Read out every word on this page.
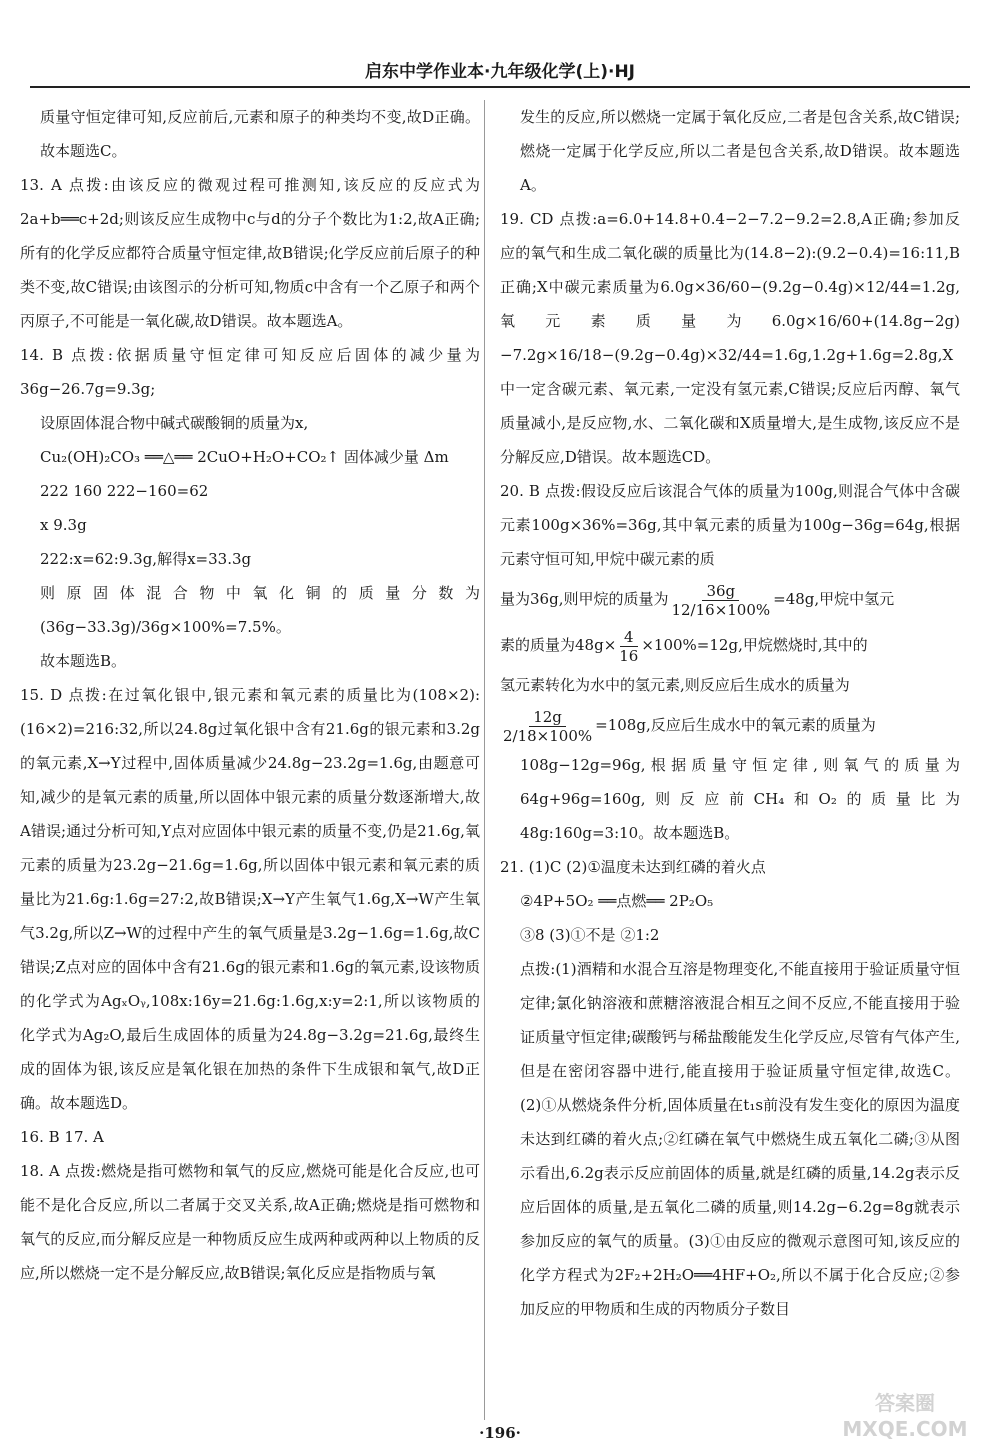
启东中学作业本·九年级化学(上)·HJ

质量守恒定律可知,反应前后,元素和原子的种类均不变,故D正确。故本题选C。

13. A 点拨:由该反应的微观过程可推测知,该反应的反应式为2a+b══c+2d;则该反应生成物中c与d的分子个数比为1:2,故A正确;所有的化学反应都符合质量守恒定律,故B错误;化学反应前后原子的种类不变,故C错误;由该图示的分析可知,物质c中含有一个乙原子和两个丙原子,不可能是一氧化碳,故D错误。故本题选A。

14. B 点拨:依据质量守恒定律可知反应后固体的减少量为36g−26.7g=9.3g;

设原固体混合物中碱式碳酸铜的质量为x,

Cu₂(OH)₂CO₃ ══△══ 2CuO+H₂O+CO₂↑ 固体减少量 Δm

222 160 222−160=62

x 9.3g

222:x=62:9.3g,解得x=33.3g

则原固体混合物中氧化铜的质量分数为(36g−33.3g)/36g×100%=7.5%。

故本题选B。

15. D 点拨:在过氧化银中,银元素和氧元素的质量比为(108×2):(16×2)=216:32,所以24.8g过氧化银中含有21.6g的银元素和3.2g的氧元素,X→Y过程中,固体质量减少24.8g−23.2g=1.6g,由题意可知,减少的是氧元素的质量,所以固体中银元素的质量分数逐渐增大,故A错误;通过分析可知,Y点对应固体中银元素的质量不变,仍是21.6g,氧元素的质量为23.2g−21.6g=1.6g,所以固体中银元素和氧元素的质量比为21.6g:1.6g=27:2,故B错误;X→Y产生氧气1.6g,X→W产生氧气3.2g,所以Z→W的过程中产生的氧气质量是3.2g−1.6g=1.6g,故C错误;Z点对应的固体中含有21.6g的银元素和1.6g的氧元素,设该物质的化学式为AgₓOᵧ,108x:16y=21.6g:1.6g,x:y=2:1,所以该物质的化学式为Ag₂O,最后生成固体的质量为24.8g−3.2g=21.6g,最终生成的固体为银,该反应是氧化银在加热的条件下生成银和氧气,故D正确。故本题选D。

16. B 17. A

18. A 点拨:燃烧是指可燃物和氧气的反应,燃烧可能是化合反应,也可能不是化合反应,所以二者属于交叉关系,故A正确;燃烧是指可燃物和氧气的反应,而分解反应是一种物质反应生成两种或两种以上物质的反应,所以燃烧一定不是分解反应,故B错误;氧化反应是指物质与氧

发生的反应,所以燃烧一定属于氧化反应,二者是包含关系,故C错误;燃烧一定属于化学反应,所以二者是包含关系,故D错误。故本题选A。

19. CD 点拨:a=6.0+14.8+0.4−2−7.2−9.2=2.8,A正确;参加反应的氧气和生成二氧化碳的质量比为(14.8−2):(9.2−0.4)=16:11,B正确;X中碳元素质量为6.0g×36/60−(9.2g−0.4g)×12/44=1.2g,氧元素质量为6.0g×16/60+(14.8g−2g)−7.2g×16/18−(9.2g−0.4g)×32/44=1.6g,1.2g+1.6g=2.8g,X中一定含碳元素、氧元素,一定没有氢元素,C错误;反应后丙醇、氧气质量减小,是反应物,水、二氧化碳和X质量增大,是生成物,该反应不是分解反应,D错误。故本题选CD。

20. B 点拨:假设反应后该混合气体的质量为100g,则混合气体中含碳元素100g×36%=36g,其中氧元素的质量为100g−36g=64g,根据元素守恒可知,甲烷中碳元素的质

量为36g,则甲烷的质量为 $\frac{36g}{12/16\times 100\%} =48g$,甲烷中氢元

素的质量为$48g\times \frac{4}{16} \times 100\%=12g$,甲烷燃烧时,其中的

氢元素转化为水中的氢元素,则反应后生成水的质量为

$\frac{12g}{2/18\times 100\%} =108g$,反应后生成水中的氧元素的质量为

108g−12g=96g,根据质量守恒定律,则氧气的质量为64g+96g=160g,则反应前CH₄和O₂的质量比为48g:160g=3:10。故本题选B。

21. (1)C (2)①温度未达到红磷的着火点

②4P+5O₂ ══点燃══ 2P₂O₅

③8 (3)①不是 ②1:2

点拨:(1)酒精和水混合互溶是物理变化,不能直接用于验证质量守恒定律;氯化钠溶液和蔗糖溶液混合相互之间不反应,不能直接用于验证质量守恒定律;碳酸钙与稀盐酸能发生化学反应,尽管有气体产生,但是在密闭容器中进行,能直接用于验证质量守恒定律,故选C。(2)①从燃烧条件分析,固体质量在t₁s前没有发生变化的原因为温度未达到红磷的着火点;②红磷在氧气中燃烧生成五氧化二磷;③从图示看出,6.2g表示反应前固体的质量,就是红磷的质量,14.2g表示反应后固体的质量,是五氧化二磷的质量,则14.2g−6.2g=8g就表示参加反应的氧气的质量。(3)①由反应的微观示意图可知,该反应的化学方程式为2F₂+2H₂O══4HF+O₂,所以不属于化合反应;②参加反应的甲物质和生成的丙物质分子数目

·196·
答案圈
MXQE.COM
